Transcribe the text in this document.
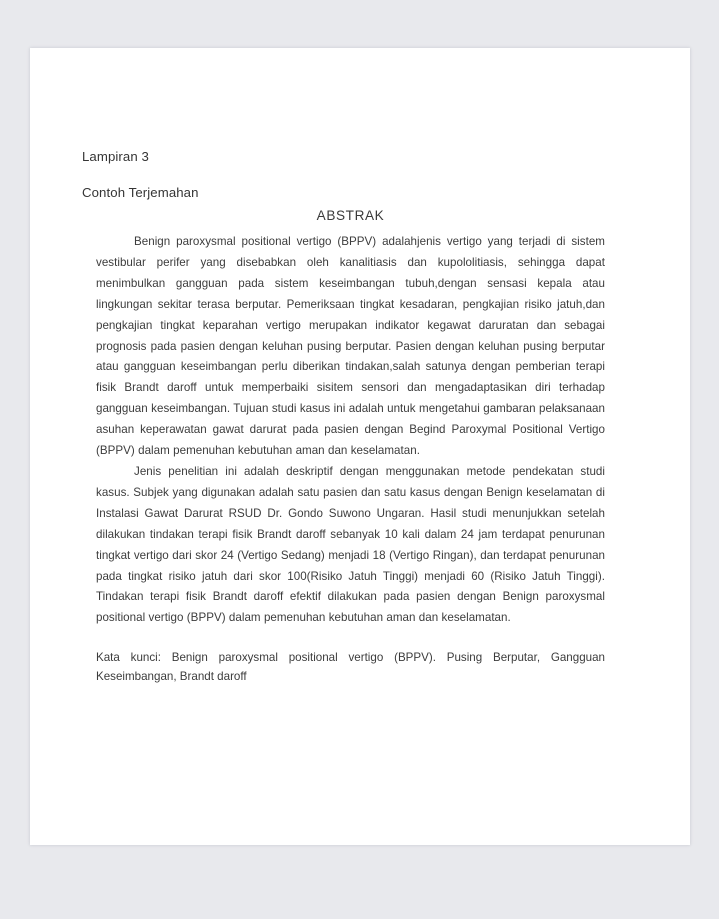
Lampiran 3
Contoh Terjemahan
ABSTRAK

Benign paroxysmal positional vertigo (BPPV) adalahjenis vertigo yang terjadi di sistem vestibular perifer yang disebabkan oleh kanalitiasis dan kupololitiasis, sehingga dapat menimbulkan gangguan pada sistem keseimbangan tubuh,dengan sensasi kepala atau lingkungan sekitar terasa berputar. Pemeriksaan tingkat kesadaran, pengkajian risiko jatuh,dan pengkajian tingkat keparahan vertigo merupakan indikator kegawat daruratan dan sebagai prognosis pada pasien dengan keluhan pusing berputar. Pasien dengan keluhan pusing berputar atau gangguan keseimbangan perlu diberikan tindakan,salah satunya dengan pemberian terapi fisik Brandt daroff untuk memperbaiki sisitem sensori dan mengadaptasikan diri terhadap gangguan keseimbangan. Tujuan studi kasus ini adalah untuk mengetahui gambaran pelaksanaan asuhan keperawatan gawat darurat pada pasien dengan Begind Paroxymal Positional Vertigo (BPPV) dalam pemenuhan kebutuhan aman dan keselamatan.

Jenis penelitian ini adalah deskriptif dengan menggunakan metode pendekatan studi kasus. Subjek yang digunakan adalah satu pasien dan satu kasus dengan Benign keselamatan di Instalasi Gawat Darurat RSUD Dr. Gondo Suwono Ungaran. Hasil studi menunjukkan setelah dilakukan tindakan terapi fisik Brandt daroff sebanyak 10 kali dalam 24 jam terdapat penurunan tingkat vertigo dari skor 24 (Vertigo Sedang) menjadi 18 (Vertigo Ringan), dan terdapat penurunan pada tingkat risiko jatuh dari skor 100(Risiko Jatuh Tinggi) menjadi 60 (Risiko Jatuh Tinggi). Tindakan terapi fisik Brandt daroff efektif dilakukan pada pasien dengan Benign paroxysmal positional vertigo (BPPV) dalam pemenuhan kebutuhan aman dan keselamatan.

Kata kunci: Benign paroxysmal positional vertigo (BPPV). Pusing Berputar, Gangguan Keseimbangan, Brandt daroff
